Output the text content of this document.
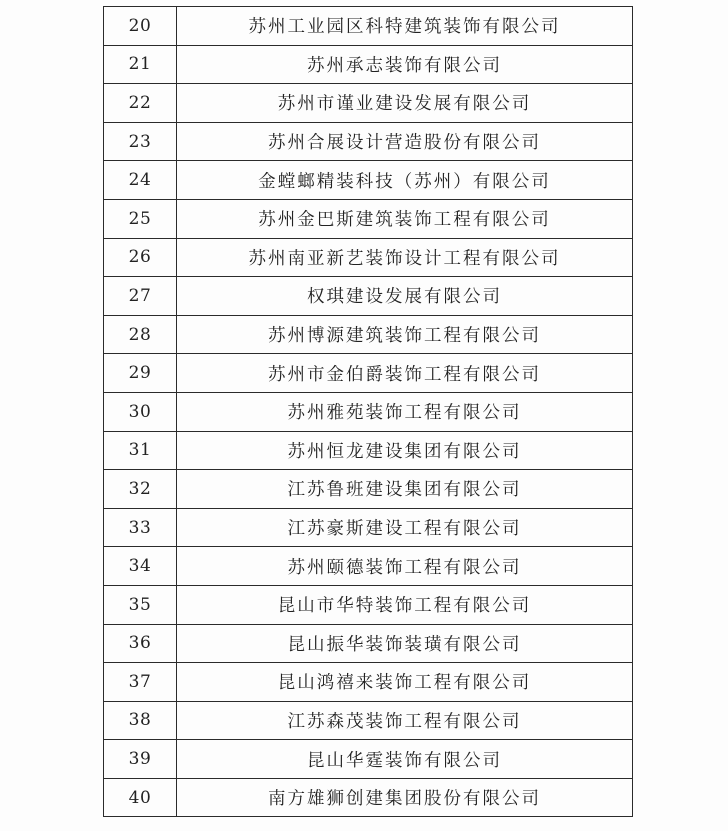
20	苏州工业园区科特建筑装饰有限公司
21	苏州承志装饰有限公司
22	苏州市谨业建设发展有限公司
23	苏州合展设计营造股份有限公司
24	金螳螂精装科技（苏州）有限公司
25	苏州金巴斯建筑装饰工程有限公司
26	苏州南亚新艺装饰设计工程有限公司
27	权琪建设发展有限公司
28	苏州博源建筑装饰工程有限公司
29	苏州市金伯爵装饰工程有限公司
30	苏州雅苑装饰工程有限公司
31	苏州恒龙建设集团有限公司
32	江苏鲁班建设集团有限公司
33	江苏豪斯建设工程有限公司
34	苏州颐德装饰工程有限公司
35	昆山市华特装饰工程有限公司
36	昆山振华装饰装璜有限公司
37	昆山鸿禧来装饰工程有限公司
38	江苏森茂装饰工程有限公司
39	昆山华霆装饰有限公司
40	南方雄狮创建集团股份有限公司
